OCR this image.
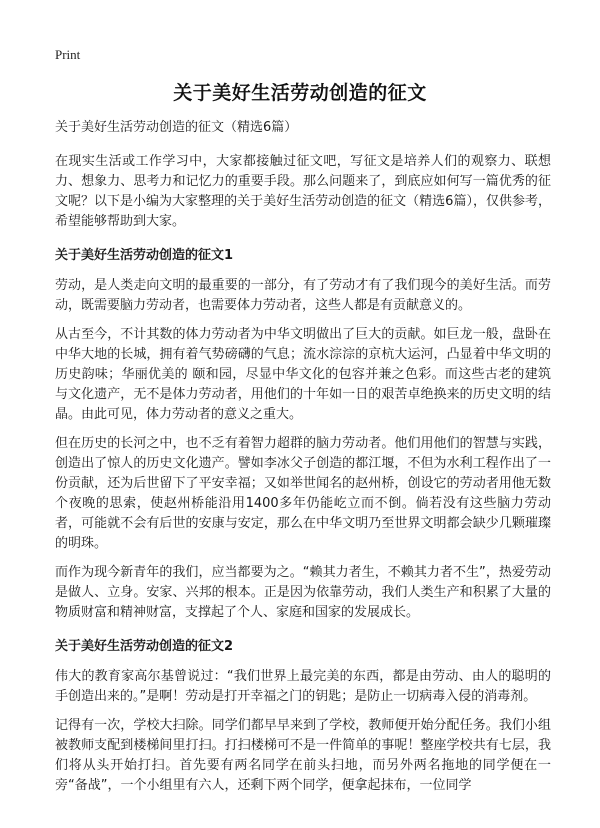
Print
关于美好生活劳动创造的征文

关于美好生活劳动创造的征文（精选6篇）

在现实生活或工作学习中，大家都接触过征文吧，写征文是培养人们的观察力、联想力、想象力、思考力和记忆力的重要手段。那么问题来了，到底应如何写一篇优秀的征文呢？以下是小编为大家整理的关于美好生活劳动创造的征文（精选6篇），仅供参考，希望能够帮助到大家。

关于美好生活劳动创造的征文1

劳动，是人类走向文明的最重要的一部分，有了劳动才有了我们现今的美好生活。而劳动，既需要脑力劳动者，也需要体力劳动者，这些人都是有贡献意义的。

从古至今，不计其数的体力劳动者为中华文明做出了巨大的贡献。如巨龙一般，盘卧在中华大地的长城，拥有着气势磅礴的气息；流水淙淙的京杭大运河，凸显着中华文明的历史韵味；华丽优美的 颐和园，尽显中华文化的包容并兼之色彩。而这些古老的建筑与文化遗产，无不是体力劳动者，用他们的十年如一日的艰苦卓绝换来的历史文明的结晶。由此可见，体力劳动者的意义之重大。

但在历史的长河之中，也不乏有着智力超群的脑力劳动者。他们用他们的智慧与实践，创造出了惊人的历史文化遗产。譬如李冰父子创造的都江堰，不但为水利工程作出了一份贡献，还为后世留下了平安幸福；又如举世闻名的赵州桥，创设它的劳动者用他无数个夜晚的思索，使赵州桥能沿用1400多年仍能屹立而不倒。倘若没有这些脑力劳动者，可能就不会有后世的安康与安定，那么在中华文明乃至世界文明都会缺少几颗璀璨的明珠。

而作为现今新青年的我们，应当都要为之。“赖其力者生，不赖其力者不生”，热爱劳动是做人、立身。安家、兴邦的根本。正是因为依靠劳动，我们人类生产和积累了大量的物质财富和精神财富，支撑起了个人、家庭和国家的发展成长。

关于美好生活劳动创造的征文2

伟大的教育家高尔基曾说过：“我们世界上最完美的东西，都是由劳动、由人的聪明的手创造出来的。”是啊！劳动是打开幸福之门的钥匙；是防止一切病毒入侵的消毒剂。

记得有一次，学校大扫除。同学们都早早来到了学校，教师便开始分配任务。我们小组被教师支配到楼梯间里打扫。打扫楼梯可不是一件简单的事呢！整座学校共有七层，我们将从头开始打扫。首先要有两名同学在前头扫地，而另外两名拖地的同学便在一旁“备战”，一个小组里有六人，还剩下两个同学，便拿起抹布，一位同学
